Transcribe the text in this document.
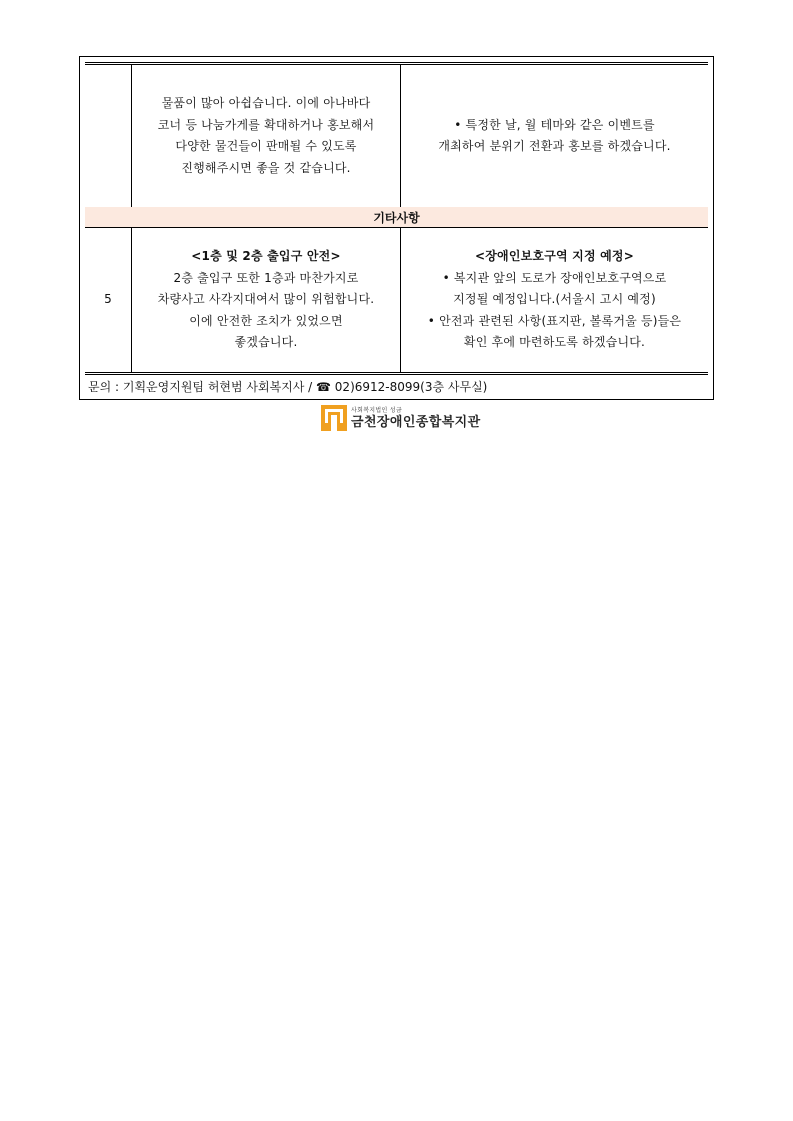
물품이 많아 아쉽습니다. 이에 아나바다
코너 등 나눔가게를 확대하거나 홍보해서
다양한 물건들이 판매될 수 있도록
진행해주시면 좋을 것 같습니다.
• 특정한 날, 월 테마와 같은 이벤트를
개최하여 분위기 전환과 홍보를 하겠습니다.
기타사항
5
<1층 및 2층 출입구 안전>
2층 출입구 또한 1층과 마찬가지로
차량사고 사각지대여서 많이 위험합니다.
이에 안전한 조치가 있었으면
좋겠습니다.
<장애인보호구역 지정 예정>
• 복지관 앞의 도로가 장애인보호구역으로
지정될 예정입니다.(서울시 고시 예정)
• 안전과 관련된 사항(표지판, 볼록거울 등)들은
확인 후에 마련하도록 하겠습니다.
문의 : 기획운영지원팀 허현범 사회복지사 / ☎ 02)6912-8099(3층 사무실)
사회복지법인 성금
금천장애인종합복지관
